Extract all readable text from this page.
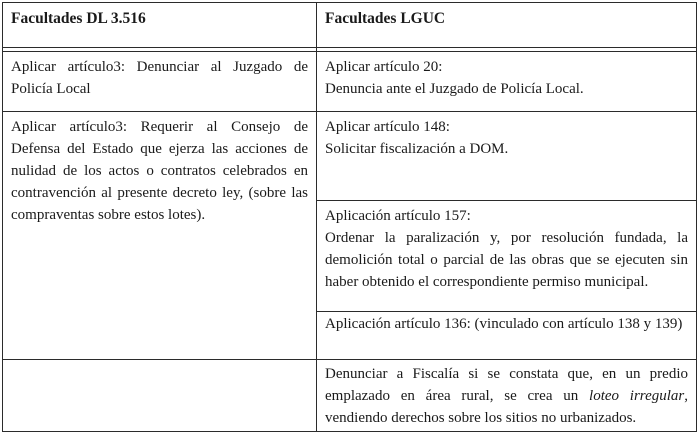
Facultades DL 3.516	Facultades LGUC

Aplicar artículo3: Denunciar al Juzgado de Policía Local	Aplicar artículo 20:
Denuncia ante el Juzgado de Policía Local.

Aplicar artículo3: Requerir al Consejo de Defensa del Estado que ejerza las acciones de nulidad de los actos o contratos celebrados en contravención al presente decreto ley, (sobre las compraventas sobre estos lotes).	Aplicar artículo 148:
Solicitar fiscalización a DOM.

	Aplicación artículo 157:
Ordenar la paralización y, por resolución fundada, la demolición total o parcial de las obras que se ejecuten sin haber obtenido el correspondiente permiso municipal.

	Aplicación artículo 136: (vinculado con artículo 138 y 139)
	Denunciar a Fiscalía si se constata que, en un predio emplazado en área rural, se crea un loteo irregular, vendiendo derechos sobre los sitios no urbanizados.
